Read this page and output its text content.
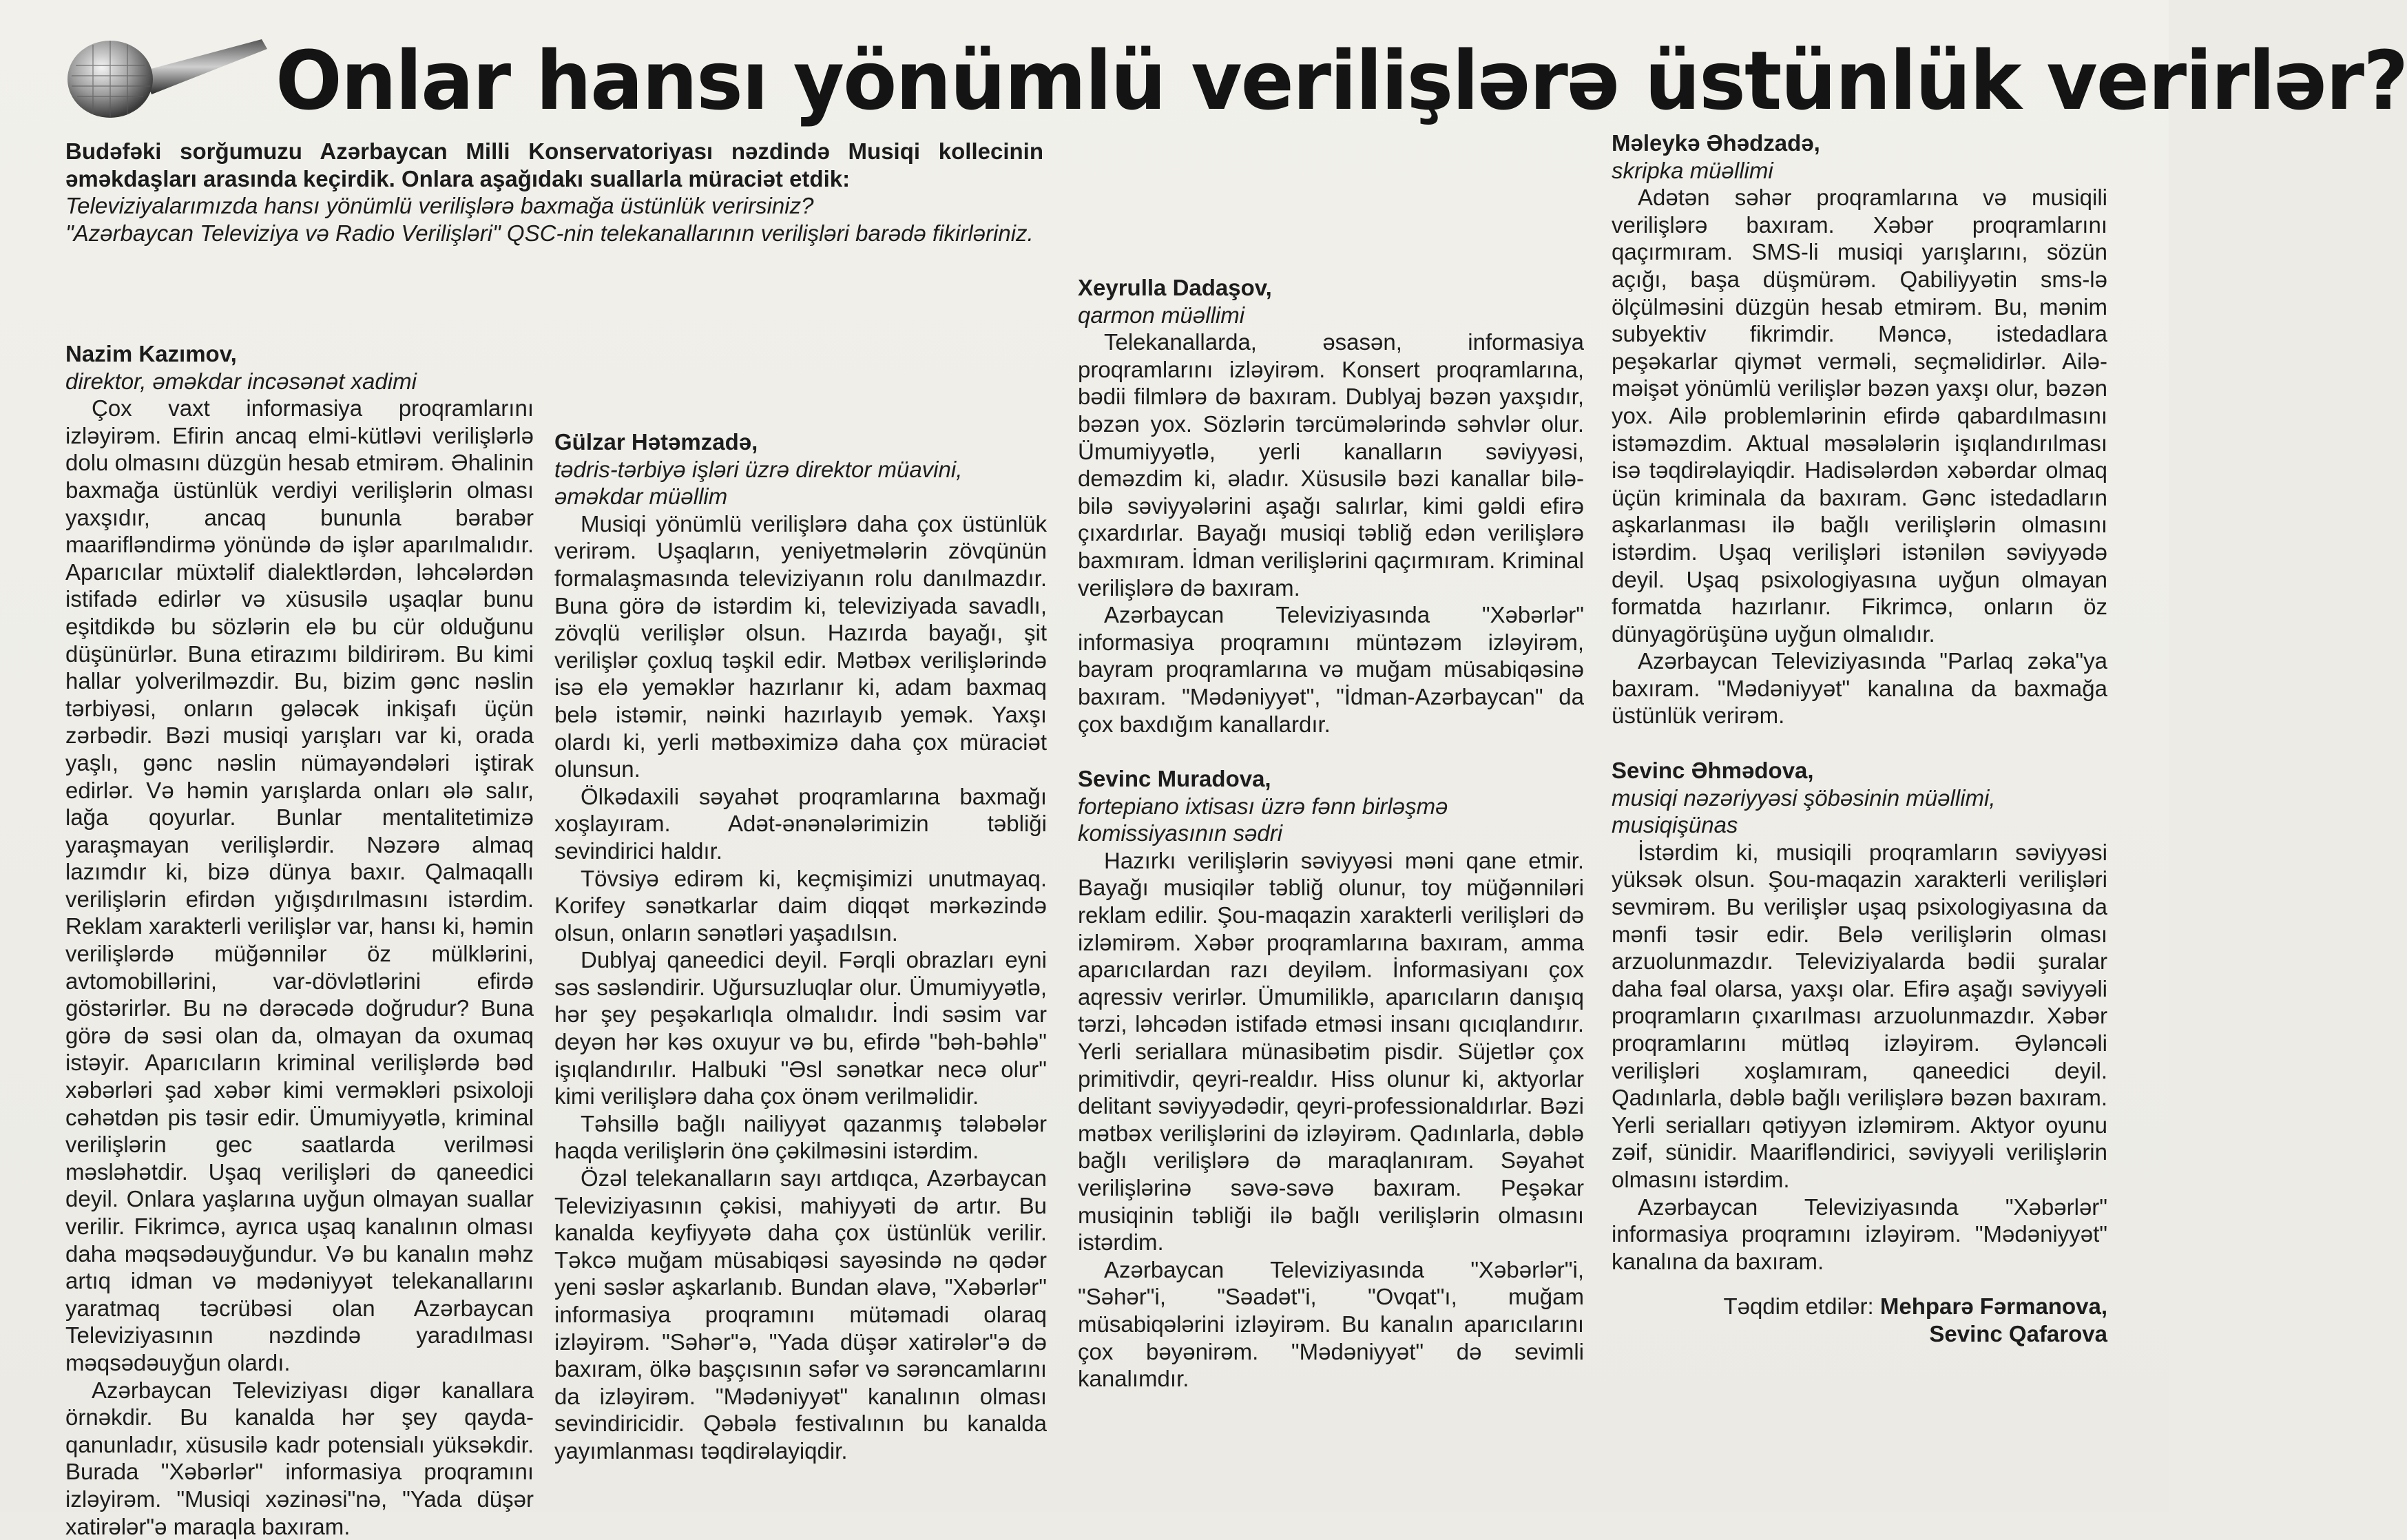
Onlar hansı yönümlü verilişlərə üstünlük verirlər?

Budəfəki sorğumuzu Azərbaycan Milli Konservatoriyası nəzdində Musiqi kollecinin əməkdaşları arasında keçirdik. Onlara aşağıdakı suallarla müraciət etdik:

Televiziyalarımızda hansı yönümlü verilişlərə baxmağa üstünlük verirsiniz?

"Azərbaycan Televiziya və Radio Verilişləri" QSC-nin telekanallarının verilişləri barədə fikirləriniz.

Nazim Kazımov,

direktor, əməkdar incəsənət xadimi

Çox vaxt informasiya proqramlarını izləyirəm. Efirin ancaq elmi-kütləvi verilişlərlə dolu olmasını düzgün hesab etmirəm. Əhalinin baxmağa üstünlük verdiyi verilişlərin olması yaxşıdır, ancaq bununla bərabər maarifləndirmə yönündə də işlər aparılmalıdır. Aparıcılar müxtəlif dialektlərdən, ləhcələrdən istifadə edirlər və xüsusilə uşaqlar bunu eşitdikdə bu sözlərin elə bu cür olduğunu düşünürlər. Buna etirazımı bildirirəm. Bu kimi hallar yolverilməzdir. Bu, bizim gənc nəslin tərbiyəsi, onların gələcək inkişafı üçün zərbədir. Bəzi musiqi yarışları var ki, orada yaşlı, gənc nəslin nümayəndələri iştirak edirlər. Və həmin yarışlarda onları ələ salır, lağa qoyurlar. Bunlar mentalitetimizə yaraşmayan verilişlərdir. Nəzərə almaq lazımdır ki, bizə dünya baxır. Qalmaqallı verilişlərin efirdən yığışdırılmasını istərdim. Reklam xarakterli verilişlər var, hansı ki, həmin verilişlərdə müğənnilər öz mülklərini, avtomobillərini, var-dövlətlərini efirdə göstərirlər. Bu nə dərəcədə doğrudur? Buna görə də səsi olan da, olmayan da oxumaq istəyir. Aparıcıların kriminal verilişlərdə bəd xəbərləri şad xəbər kimi verməkləri psixoloji cəhətdən pis təsir edir. Ümumiyyətlə, kriminal verilişlərin gec saatlarda verilməsi məsləhətdir. Uşaq verilişləri də qaneedici deyil. Onlara yaşlarına uyğun olmayan suallar verilir. Fikrimcə, ayrıca uşaq kanalının olması daha məqsədəuyğundur. Və bu kanalın məhz artıq idman və mədəniyyət telekanallarını yaratmaq təcrübəsi olan Azərbaycan Televiziyasının nəzdində yaradılması məqsədəuyğun olardı.

Azərbaycan Televiziyası digər kanallara örnəkdir. Bu kanalda hər şey qayda-qanunladır, xüsusilə kadr potensialı yüksəkdir. Burada "Xəbərlər" informasiya proqramını izləyirəm. "Musiqi xəzinəsi"nə, "Yada düşər xatirələr"ə maraqla baxıram.

Gülzar Hətəmzadə,

tədris-tərbiyə işləri üzrə direktor müavini, əməkdar müəllim

Musiqi yönümlü verilişlərə daha çox üstünlük verirəm. Uşaqların, yeniyetmələrin zövqünün formalaşmasında televiziyanın rolu danılmazdır. Buna görə də istərdim ki, televiziyada savadlı, zövqlü verilişlər olsun. Hazırda bayağı, şit verilişlər çoxluq təşkil edir. Mətbəx verilişlərində isə elə yeməklər hazırlanır ki, adam baxmaq belə istəmir, nəinki hazırlayıb yemək. Yaxşı olardı ki, yerli mətbəximizə daha çox müraciət olunsun.

Ölkədaxili səyahət proqramlarına baxmağı xoşlayıram. Adət-ənənələrimizin təbliği sevindirici haldır.

Tövsiyə edirəm ki, keçmişimizi unutmayaq. Korifey sənətkarlar daim diqqət mərkəzində olsun, onların sənətləri yaşadılsın.

Dublyaj qaneedici deyil. Fərqli obrazları eyni səs səsləndirir. Uğursuzluqlar olur. Ümumiyyətlə, hər şey peşəkarlıqla olmalıdır. İndi səsim var deyən hər kəs oxuyur və bu, efirdə "bəh-bəhlə" işıqlandırılır. Halbuki "Əsl sənətkar necə olur" kimi verilişlərə daha çox önəm verilməlidir.

Təhsillə bağlı nailiyyət qazanmış tələbələr haqda verilişlərin önə çəkilməsini istərdim.

Özəl telekanalların sayı artdıqca, Azərbaycan Televiziyasının çəkisi, mahiyyəti də artır. Bu kanalda keyfiyyətə daha çox üstünlük verilir. Təkcə muğam müsabiqəsi sayəsində nə qədər yeni səslər aşkarlanıb. Bundan əlavə, "Xəbərlər" informasiya proqramını mütəmadi olaraq izləyirəm. "Səhər"ə, "Yada düşər xatirələr"ə də baxıram, ölkə başçısının səfər və sərəncamlarını da izləyirəm. "Mədəniyyət" kanalının olması sevindiricidir. Qəbələ festivalının bu kanalda yayımlanması təqdirəlayiqdir.

Xeyrulla Dadaşov,

qarmon müəllimi

Telekanallarda, əsasən, informasiya proqramlarını izləyirəm. Konsert proqramlarına, bədii filmlərə də baxıram. Dublyaj bəzən yaxşıdır, bəzən yox. Sözlərin tərcümələrində səhvlər olur. Ümumiyyətlə, yerli kanalların səviyyəsi, deməzdim ki, əladır. Xüsusilə bəzi kanallar bilə-bilə səviyyələrini aşağı salırlar, kimi gəldi efirə çıxardırlar. Bayağı musiqi təbliğ edən verilişlərə baxmıram. İdman verilişlərini qaçırmıram. Kriminal verilişlərə də baxıram.

Azərbaycan Televiziyasında "Xəbərlər" informasiya proqramını müntəzəm izləyirəm, bayram proqramlarına və muğam müsabiqəsinə baxıram. "Mədəniyyət", "İdman-Azərbaycan" da çox baxdığım kanallardır.

Sevinc Muradova,

fortepiano ixtisası üzrə fənn birləşmə komissiyasının sədri

Hazırkı verilişlərin səviyyəsi məni qane etmir. Bayağı musiqilər təbliğ olunur, toy müğənniləri reklam edilir. Şou-maqazin xarakterli verilişləri də izləmirəm. Xəbər proqramlarına baxıram, amma aparıcılardan razı deyiləm. İnformasiyanı çox aqressiv verirlər. Ümumiliklə, aparıcıların danışıq tərzi, ləhcədən istifadə etməsi insanı qıcıqlandırır. Yerli seriallara münasibətim pisdir. Süjetlər çox primitivdir, qeyri-realdır. Hiss olunur ki, aktyorlar delitant səviyyədədir, qeyri-professionaldırlar. Bəzi mətbəx verilişlərini də izləyirəm. Qadınlarla, dəblə bağlı verilişlərə də maraqlanıram. Səyahət verilişlərinə səvə-səvə baxıram. Peşəkar musiqinin təbliği ilə bağlı verilişlərin olmasını istərdim.

Azərbaycan Televiziyasında "Xəbərlər"i, "Səhər"i, "Səadət"i, "Ovqat"ı, muğam müsabiqələrini izləyirəm. Bu kanalın aparıcılarını çox bəyənirəm. "Mədəniyyət" də sevimli kanalımdır.

Məleykə Əhədzadə,

skripka müəllimi

Adətən səhər proqramlarına və musiqili verilişlərə baxıram. Xəbər proqramlarını qaçırmıram. SMS-li musiqi yarışlarını, sözün açığı, başa düşmürəm. Qabiliyyətin sms-lə ölçülməsini düzgün hesab etmirəm. Bu, mənim subyektiv fikrimdir. Məncə, istedadlara peşəkarlar qiymət verməli, seçməlidirlər. Ailə-məişət yönümlü verilişlər bəzən yaxşı olur, bəzən yox. Ailə problemlərinin efirdə qabardılmasını istəməzdim. Aktual məsələlərin işıqlandırılması isə təqdirəlayiqdir. Hadisələrdən xəbərdar olmaq üçün kriminala da baxıram. Gənc istedadların aşkarlanması ilə bağlı verilişlərin olmasını istərdim. Uşaq verilişləri istənilən səviyyədə deyil. Uşaq psixologiyasına uyğun olmayan formatda hazırlanır. Fikrimcə, onların öz dünyagörüşünə uyğun olmalıdır.

Azərbaycan Televiziyasında "Parlaq zəka"ya baxıram. "Mədəniyyət" kanalına da baxmağa üstünlük verirəm.

Sevinc Əhmədova,

musiqi nəzəriyyəsi şöbəsinin müəllimi, musiqişünas

İstərdim ki, musiqili proqramların səviyyəsi yüksək olsun. Şou-maqazin xarakterli verilişləri sevmirəm. Bu verilişlər uşaq psixologiyasına da mənfi təsir edir. Belə verilişlərin olması arzuolunmazdır. Televiziyalarda bədii şuralar daha fəal olarsa, yaxşı olar. Efirə aşağı səviyyəli proqramların çıxarılması arzuolunmazdır. Xəbər proqramlarını mütləq izləyirəm. Əyləncəli verilişləri xoşlamıram, qaneedici deyil. Qadınlarla, dəblə bağlı verilişlərə bəzən baxıram. Yerli serialları qətiyyən izləmirəm. Aktyor oyunu zəif, sünidir. Maarifləndirici, səviyyəli verilişlərin olmasını istərdim.

Azərbaycan Televiziyasında "Xəbərlər" informasiya proqramını izləyirəm. "Mədəniyyət" kanalına da baxıram.

Təqdim etdilər: Mehparə Fərmanova,
Sevinc Qafarova
